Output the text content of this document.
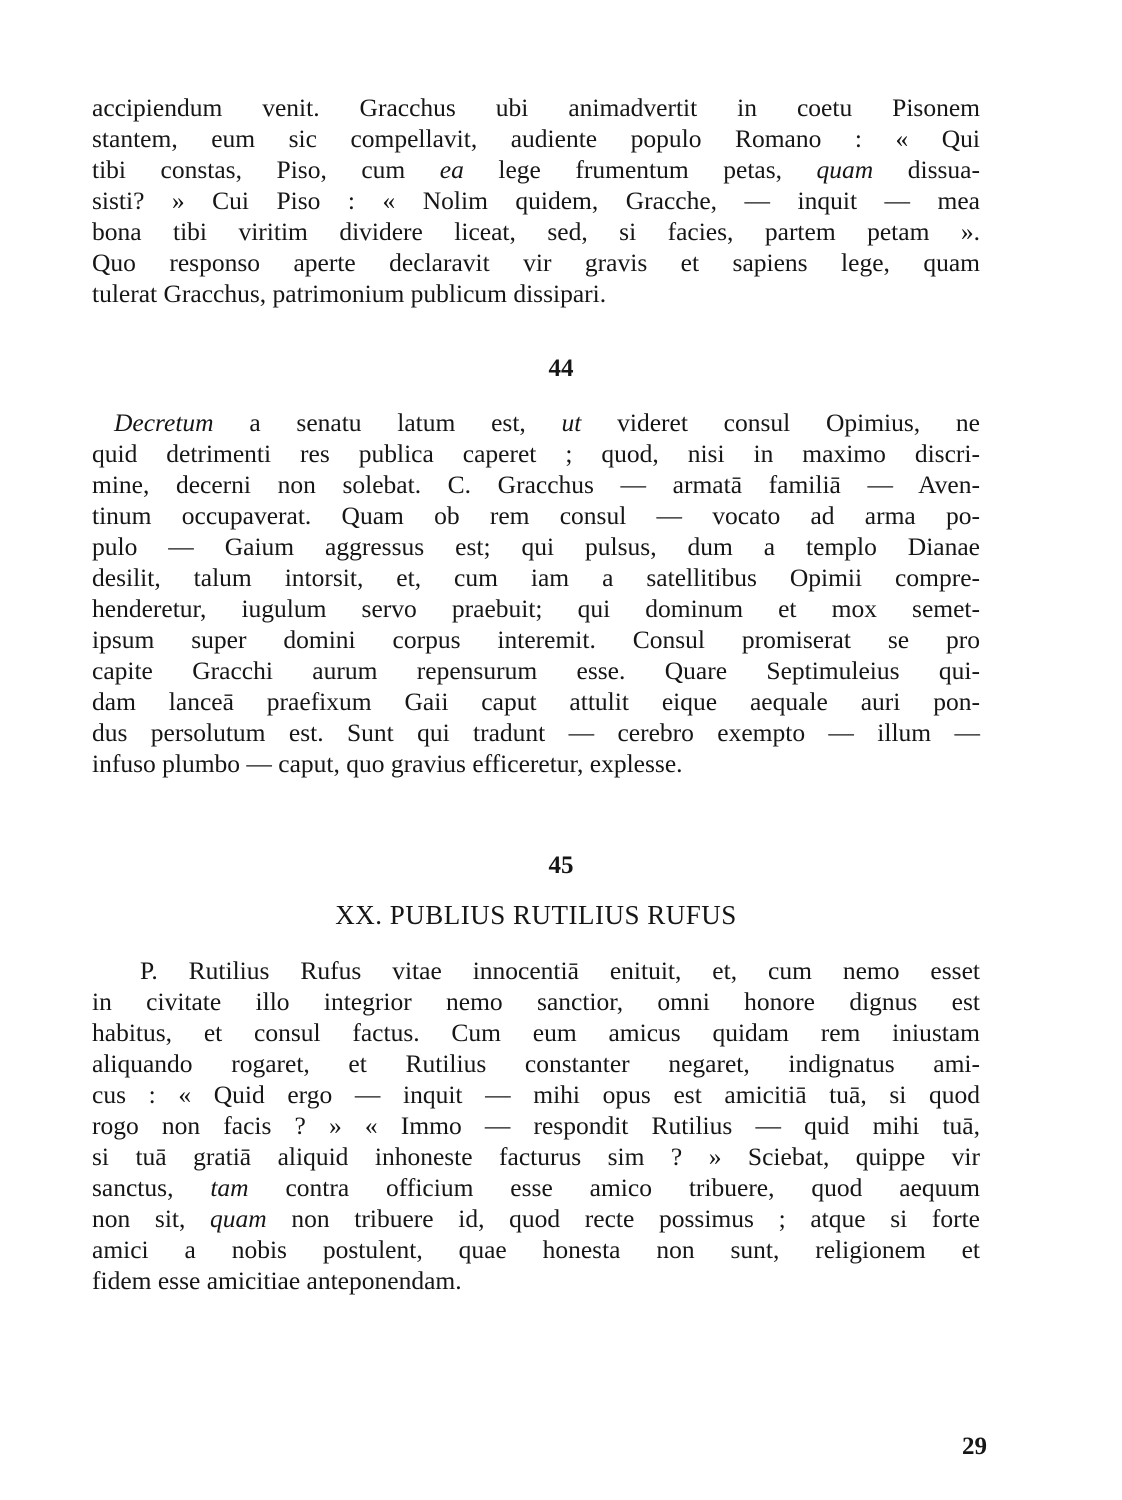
accipiendum venit. Gracchus ubi animadvertit in coetu Pisonem
stantem, eum sic compellavit, audiente populo Romano : « Qui
tibi constas, Piso, cum ea lege frumentum petas, quam dissua-
sisti? » Cui Piso : « Nolim quidem, Gracche, — inquit — mea
bona tibi viritim dividere liceat, sed, si facies, partem petam ».
Quo responso aperte declaravit vir gravis et sapiens lege, quam
tulerat Gracchus, patrimonium publicum dissipari.
44
Decretum a senatu latum est, ut videret consul Opimius, ne
quid detrimenti res publica caperet ; quod, nisi in maximo discri-
mine, decerni non solebat. C. Gracchus — armatā familiā — Aven-
tinum occupaverat. Quam ob rem consul — vocato ad arma po-
pulo — Gaium aggressus est; qui pulsus, dum a templo Dianae
desilit, talum intorsit, et, cum iam a satellitibus Opimii compre-
henderetur, iugulum servo praebuit; qui dominum et mox semet-
ipsum super domini corpus interemit. Consul promiserat se pro
capite Gracchi aurum repensurum esse. Quare Septimuleius qui-
dam lanceā praefixum Gaii caput attulit eique aequale auri pon-
dus persolutum est. Sunt qui tradunt — cerebro exempto — illum —
infuso plumbo — caput, quo gravius efficeretur, explesse.
45
XX. PUBLIUS RUTILIUS RUFUS
P. Rutilius Rufus vitae innocentiā enituit, et, cum nemo esset
in civitate illo integrior nemo sanctior, omni honore dignus est
habitus, et consul factus. Cum eum amicus quidam rem iniustam
aliquando rogaret, et Rutilius constanter negaret, indignatus ami-
cus : « Quid ergo — inquit — mihi opus est amicitiā tuā, si quod
rogo non facis ? » « Immo — respondit Rutilius — quid mihi tuā,
si tuā gratiā aliquid inhoneste facturus sim ? » Sciebat, quippe vir
sanctus, tam contra officium esse amico tribuere, quod aequum
non sit, quam non tribuere id, quod recte possimus ; atque si forte
amici a nobis postulent, quae honesta non sunt, religionem et
fidem esse amicitiae anteponendam.
29
